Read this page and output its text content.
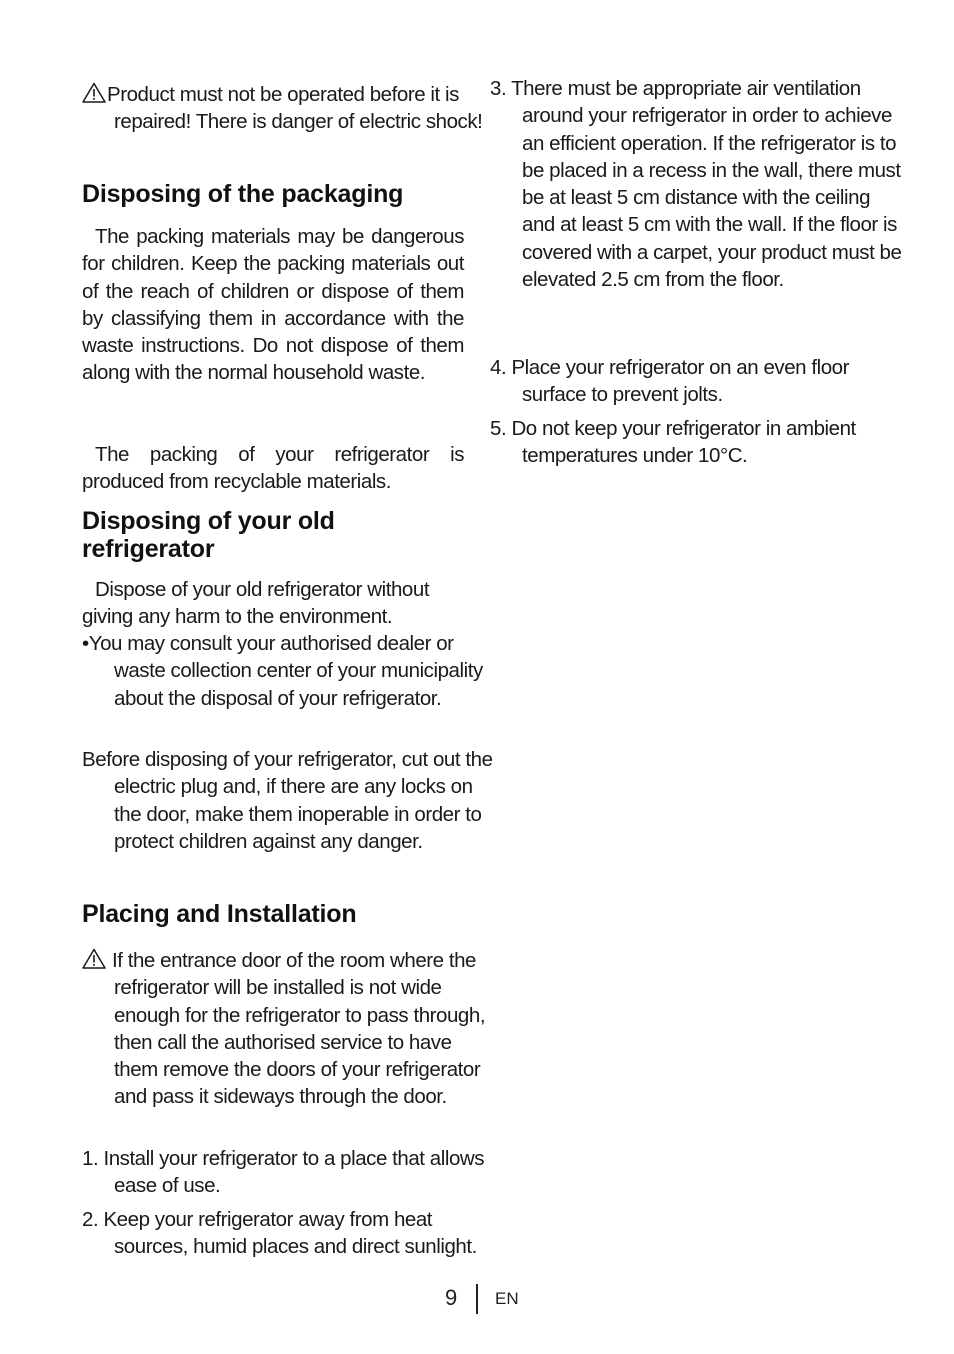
Product must not be operated before it is repaired! There is danger of electric shock!

Disposing of the packaging

The packing materials may be dangerous for children. Keep the packing materials out of the reach of children or dispose of them by classifying them in accordance with the waste instructions. Do not dispose of them along with the normal household waste.

The packing of your refrigerator is produced from recyclable materials.

Disposing of your old refrigerator

Dispose of your old refrigerator without giving any harm to the environment.

•You may consult your authorised dealer or waste collection center of your municipality about the disposal of your refrigerator.

Before disposing of your refrigerator, cut out the electric plug and, if there are any locks on the door, make them inoperable in order to protect children against any danger.

Placing and Installation

If the entrance door of the room where the refrigerator will be installed is not wide enough for the refrigerator to pass through, then call the authorised service to have them remove the doors of your refrigerator and pass it sideways through the door.

1. Install your refrigerator to a place that allows ease of use.

2. Keep your refrigerator away from heat sources, humid places and direct sunlight.

3. There must be appropriate air ventilation around your refrigerator in order to achieve an efficient operation. If the refrigerator is to be placed in a recess in the wall, there must be at least 5 cm distance with the ceiling and at least 5 cm with the wall. If the floor is covered with a carpet, your product must be elevated 2.5 cm from the floor.

4. Place your refrigerator on an even floor surface to prevent jolts.

5. Do not keep your refrigerator in ambient temperatures under 10°C.

9 EN
